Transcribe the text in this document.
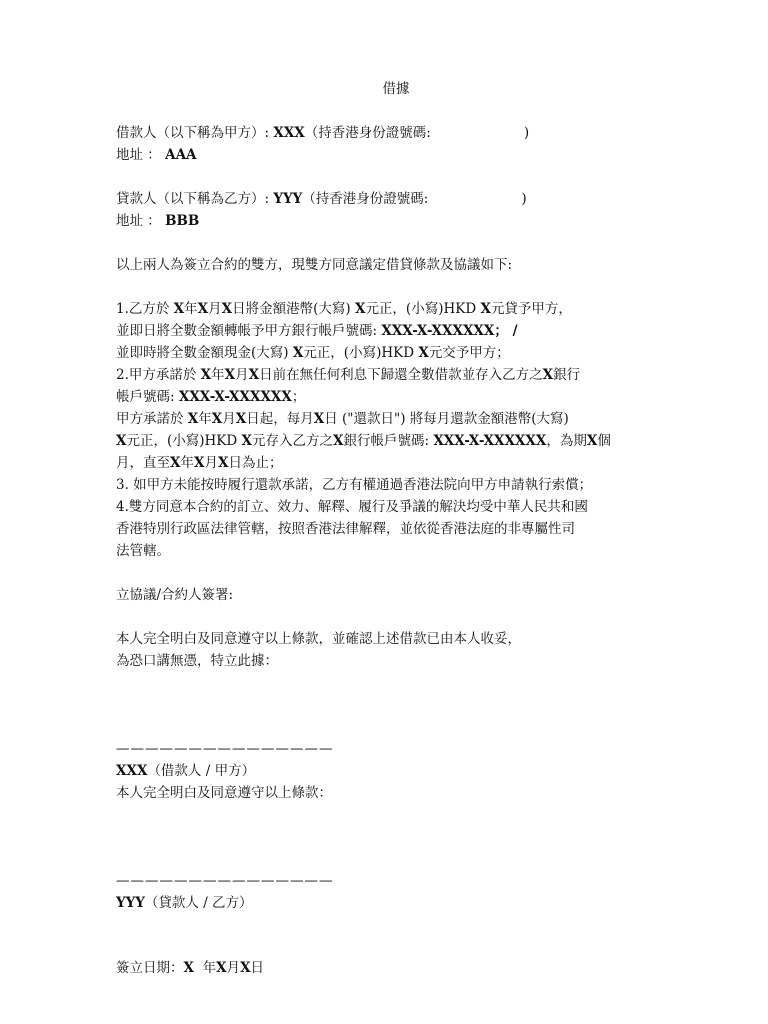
借據
借款人（以下稱為甲方）: XXX（持香港身份證號碼:	)
地址 ： AAA
貸款人（以下稱為乙方）: YYY（持香港身份證號碼:	)
地址 ： BBB
以上兩人為簽立合約的雙方，現雙方同意議定借貸條款及協議如下:
1.乙方於 X年X月X日將金額港幣(大寫) X元正，(小寫)HKD X元貸予甲方，
並即日將全數金額轉帳予甲方銀行帳戶號碼: XXX-X-XXXXXX； /
並即時將全數金額現金(大寫) X元正，(小寫)HKD X元交予甲方；
2.甲方承諾於 X年X月X日前在無任何利息下歸還全數借款並存入乙方之X銀行
帳戶號碼: XXX-X-XXXXXX；
甲方承諾於 X年X月X日起，每月X日 ("還款日") 將每月還款金額港幣(大寫)
X元正，(小寫)HKD X元存入乙方之X銀行帳戶號碼: XXX-X-XXXXXX，為期X個
月，直至X年X月X日為止；
3. 如甲方未能按時履行還款承諾，乙方有權通過香港法院向甲方申請執行索償；
4.雙方同意本合約的訂立、效力、解釋、履行及爭議的解決均受中華人民共和國
香港特別行政區法律管轄，按照香港法律解釋，並依從香港法庭的非專屬性司
法管轄。
立協議/合約人簽署:
本人完全明白及同意遵守以上條款，並確認上述借款已由本人收妥，
為恐口講無憑，特立此據：
———————————————
XXX（借款人 / 甲方）
本人完全明白及同意遵守以上條款：
———————————————
YYY（貸款人 / 乙方）
簽立日期：X 年X月X日
